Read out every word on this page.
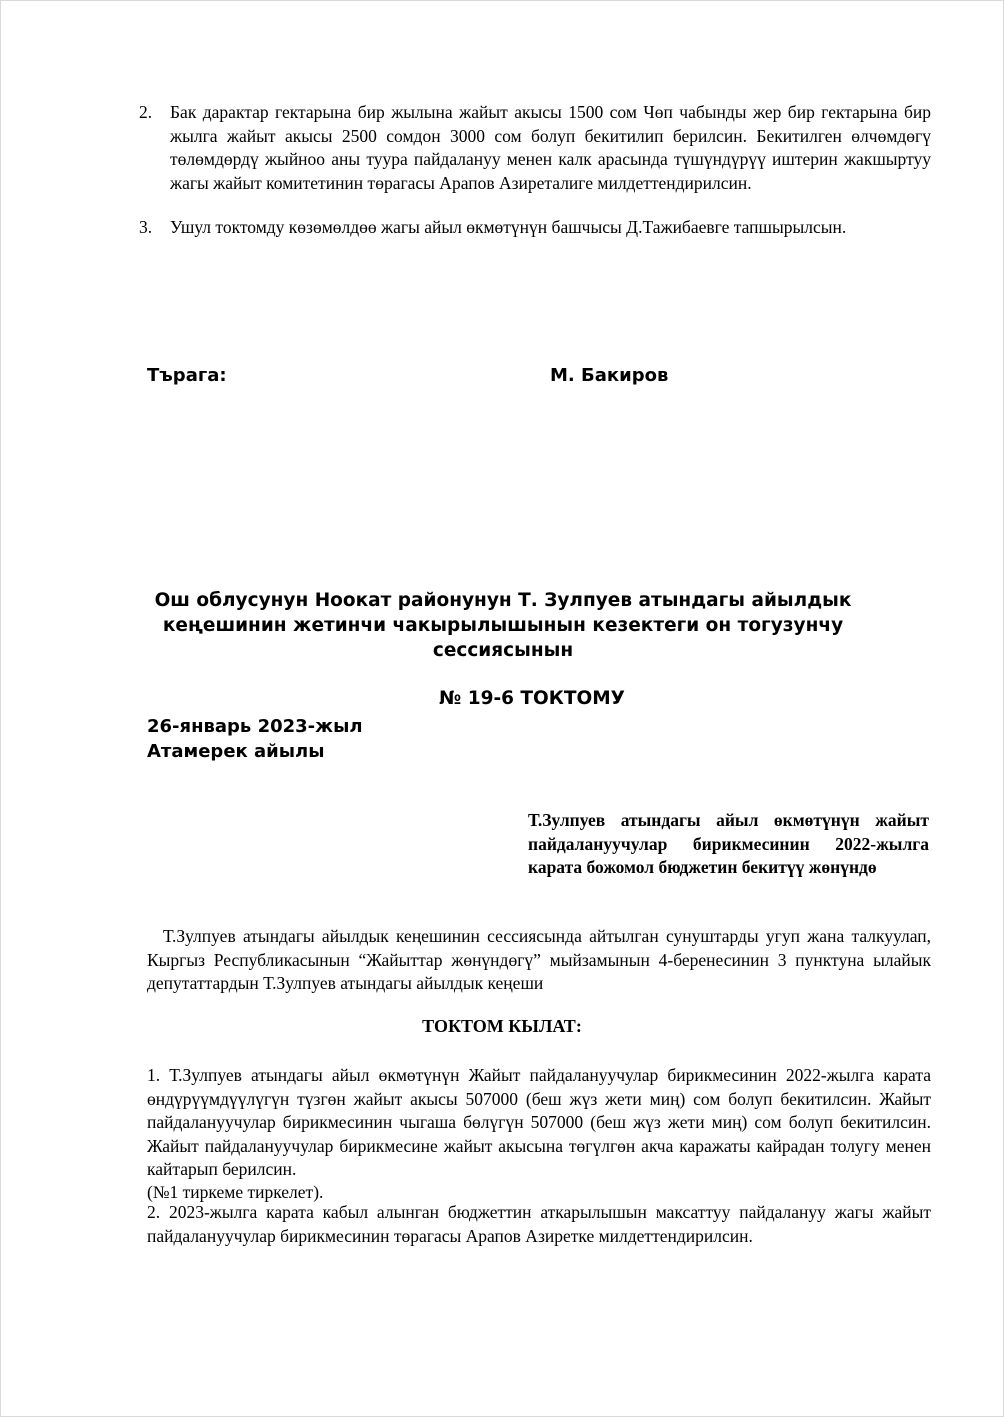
2. Бак дарактар гектарына бир жылына жайыт акысы 1500 сом Чөп чабынды жер бир гектарына бир жылга жайыт акысы 2500 сомдон 3000 сом болуп бекитилип берилсин. Бекитилген өлчөмдөгү төлөмдөрдү жыйноо аны туура пайдалануу менен калк арасында түшүндүрүү иштерин жакшыртуу жагы жайыт комитетинин төрагасы Арапов Азирeталиге милдеттендирилсин.
3. Ушул токтомду көзөмөлдөө жагы айыл өкмөтүнүн башчысы Д.Тажибаевге тапшырылсын.
Търага:	М. Бакиров
Ош облусунун Ноокат районунун Т. Зулпуев атындагы айылдык кеңешинин жетинчи чакырылышынын кезектеги он тогузунчу сессиясынын
№ 19-6 ТОКТОМУ
26-январь 2023-жыл
Атамерек айылы
Т.Зулпуев атындагы айыл өкмөтүнүн жайыт пайдалануучулар бирикмесинин 2022-жылга карата божомол бюджетин бекитүү жөнүндө
Т.Зулпуев атындагы айылдык кеңешинин сессиясында айтылган сунуштарды угуп жана талкуулап, Кыргыз Республикасынын “Жайыттар жөнүндөгү” мыйзамынын 4-беренесинин 3 пунктуна ылайык депутаттардын Т.Зулпуев атындагы айылдык кеңеши
ТОКТОМ КЫЛАТ:
1. Т.Зулпуев атындагы айыл өкмөтүнүн Жайыт пайдалануучулар бирикмесинин 2022-жылга карата өндүрүүмдүүлүгүн түзгөн жайыт акысы 507000 (беш жүз жети миң) сом болуп бекитилсин. Жайыт пайдалануучулар бирикмесинин чыгаша бөлүгүн 507000 (беш жүз жети миң) сом болуп бекитилсин. Жайыт пайдалануучулар бирикмесине жайыт акысына төгүлгөн акча каражаты кайрадан толугу менен кайтарып берилсин.
(№1 тиркеме тиркелет).
2. 2023-жылга карата кабыл алынган бюджеттин аткарылышын максаттуу пайдалануу жагы жайыт пайдалануучулар бирикмесинин төрагасы Арапов Азиретке милдеттендирилсин.
